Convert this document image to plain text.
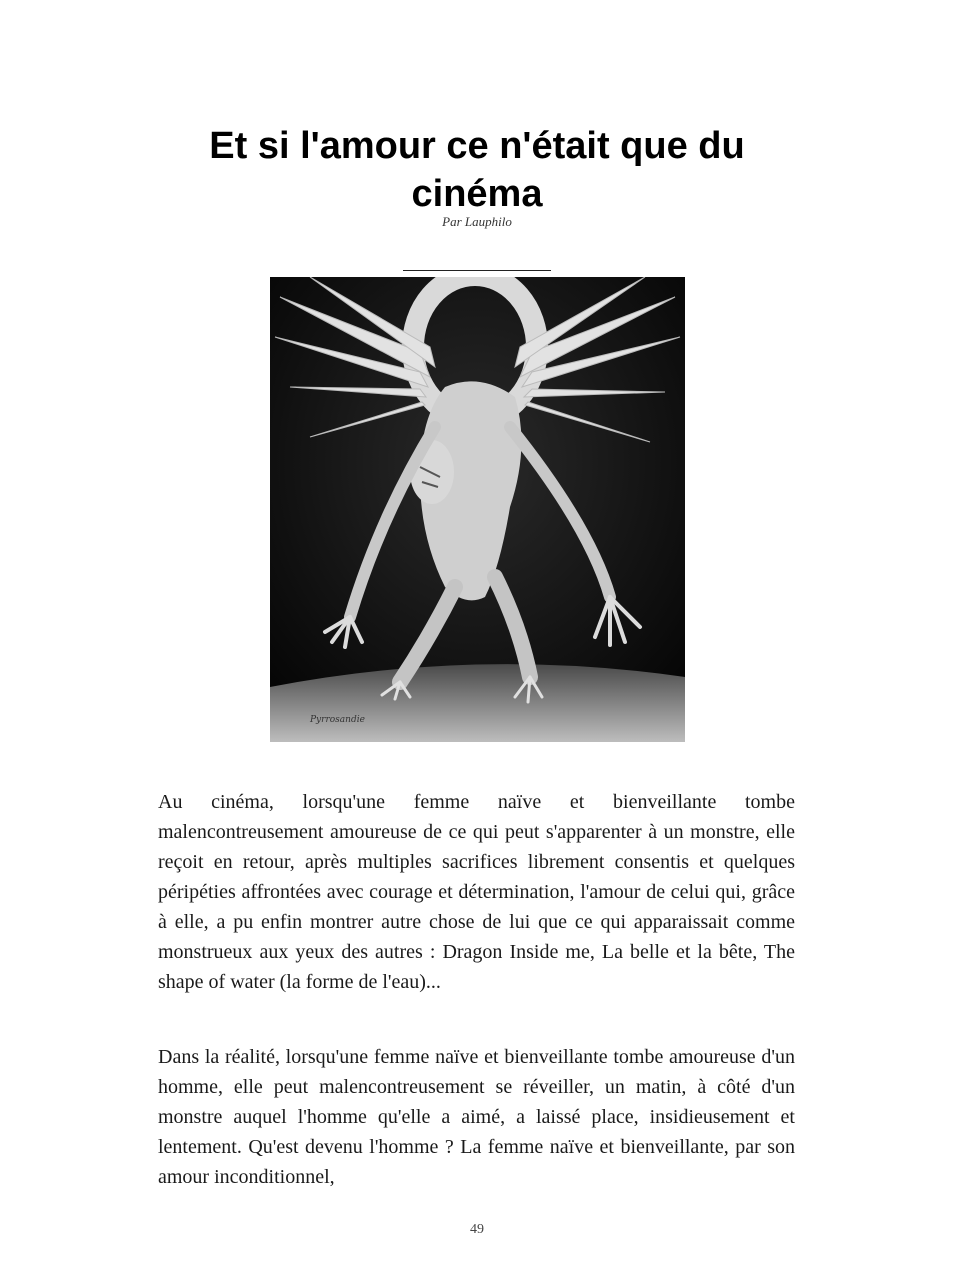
Et si l'amour ce n'était que du cinéma
Par Lauphilo
Pyrrosandie

Au cinéma, lorsqu'une femme naïve et bienveillante tombe malencontreusement amoureuse de ce qui peut s'apparenter à un monstre, elle reçoit en retour, après multiples sacrifices librement consentis et quelques péripéties affrontées avec courage et détermination, l'amour de celui qui, grâce à elle, a pu enfin montrer autre chose de lui que ce qui apparaissait comme monstrueux aux yeux des autres : Dragon Inside me, La belle et la bête, The shape of water (la forme de l'eau)...

Dans la réalité, lorsqu'une femme naïve et bienveillante tombe amoureuse d'un homme, elle peut malencontreusement se réveiller, un matin, à côté d'un monstre auquel l'homme qu'elle a aimé, a laissé place, insidieusement et lentement. Qu'est devenu l'homme ? La femme naïve et bienveillante, par son amour inconditionnel,

49
